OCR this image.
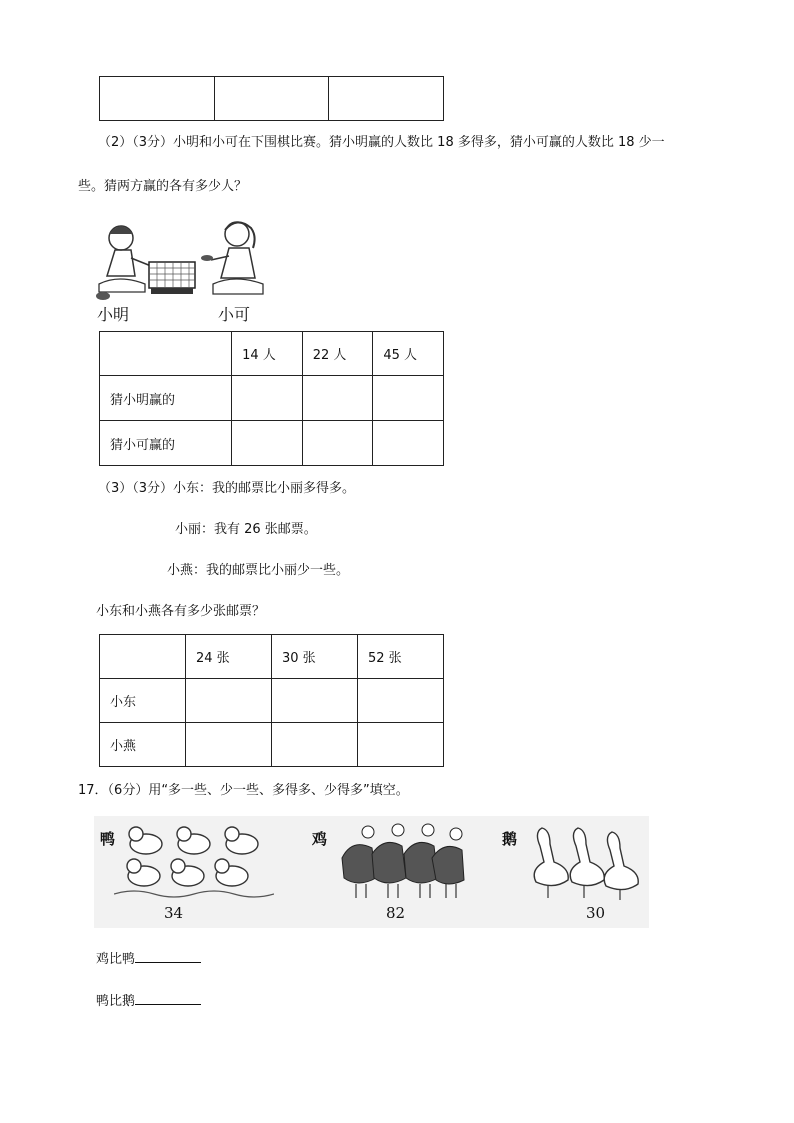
（2）（3分）小明和小可在下围棋比赛。猜小明赢的人数比 18 多得多，猜小可赢的人数比 18 少一
些。猜两方赢的各有多少人？
小明	小可
	14 人	22 人	45 人
猜小明赢的			
猜小可赢的			
（3）（3分）小东：我的邮票比小丽多得多。
小丽：我有 26 张邮票。
小燕：我的邮票比小丽少一些。
小东和小燕各有多少张邮票？
	24 张	30 张	52 张
小东			
小燕			
17．（6分）用“多一些、少一些、多得多、少得多”填空。
鸭
34
鸡
82
鹅
30
鸡比鸭
鸭比鹅
